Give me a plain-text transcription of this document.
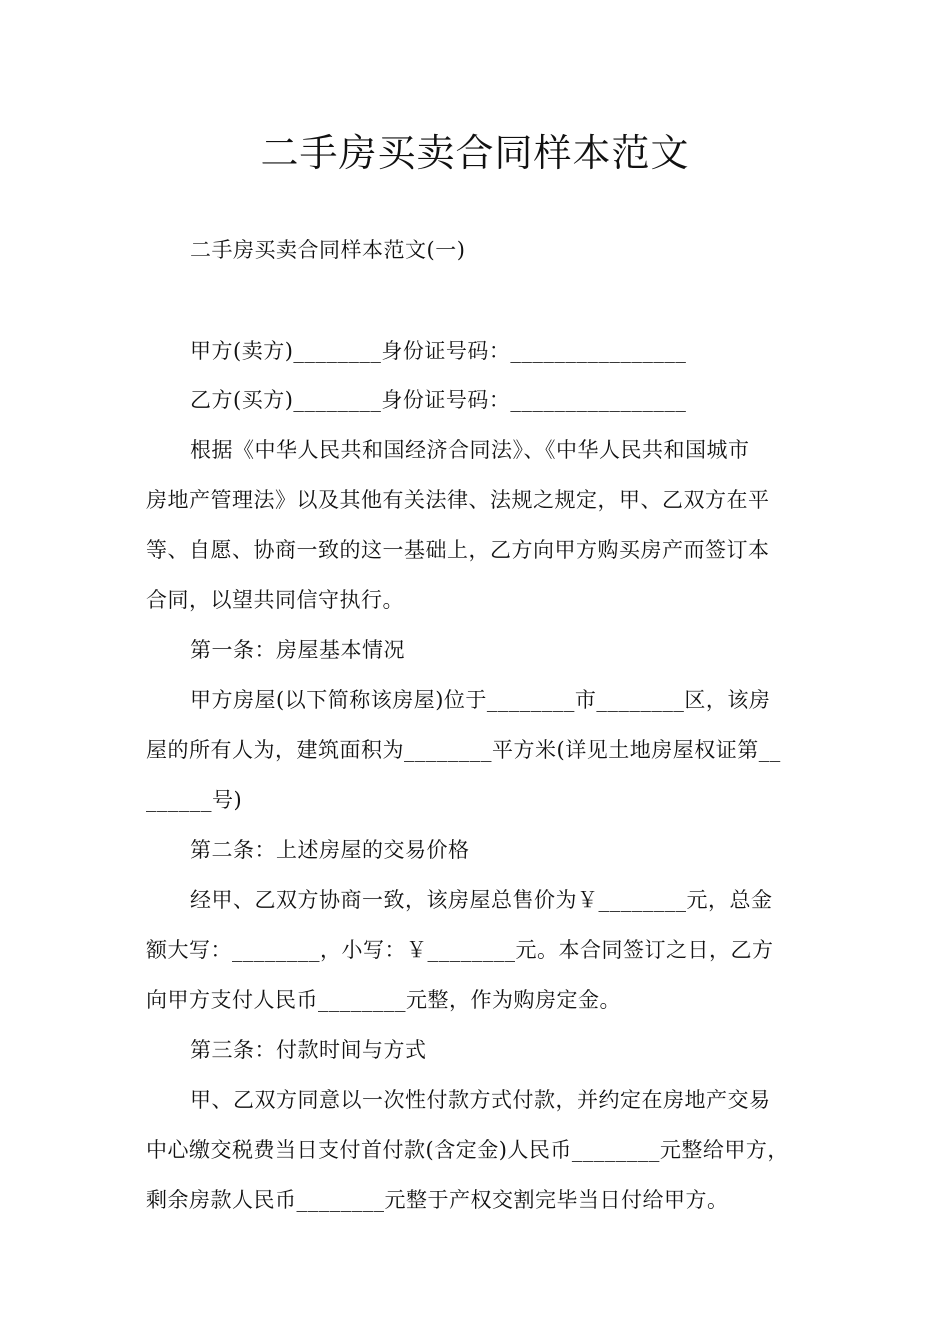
二手房买卖合同样本范文
二手房买卖合同样本范文(一)
甲方(卖方)________身份证号码：________________
乙方(买方)________身份证号码：________________
根据《中华人民共和国经济合同法》、《中华人民共和国城市
房地产管理法》以及其他有关法律、法规之规定，甲、乙双方在平
等、自愿、协商一致的这一基础上，乙方向甲方购买房产而签订本
合同，以望共同信守执行。
第一条：房屋基本情况
甲方房屋(以下简称该房屋)位于________市________区，该房
屋的所有人为，建筑面积为________平方米(详见土地房屋权证第__
______号)
第二条：上述房屋的交易价格
经甲、乙双方协商一致，该房屋总售价为￥________元，总金
额大写：________，小写：￥________元。本合同签订之日，乙方
向甲方支付人民币________元整，作为购房定金。
第三条：付款时间与方式
甲、乙双方同意以一次性付款方式付款，并约定在房地产交易
中心缴交税费当日支付首付款(含定金)人民币________元整给甲方，
剩余房款人民币________元整于产权交割完毕当日付给甲方。
